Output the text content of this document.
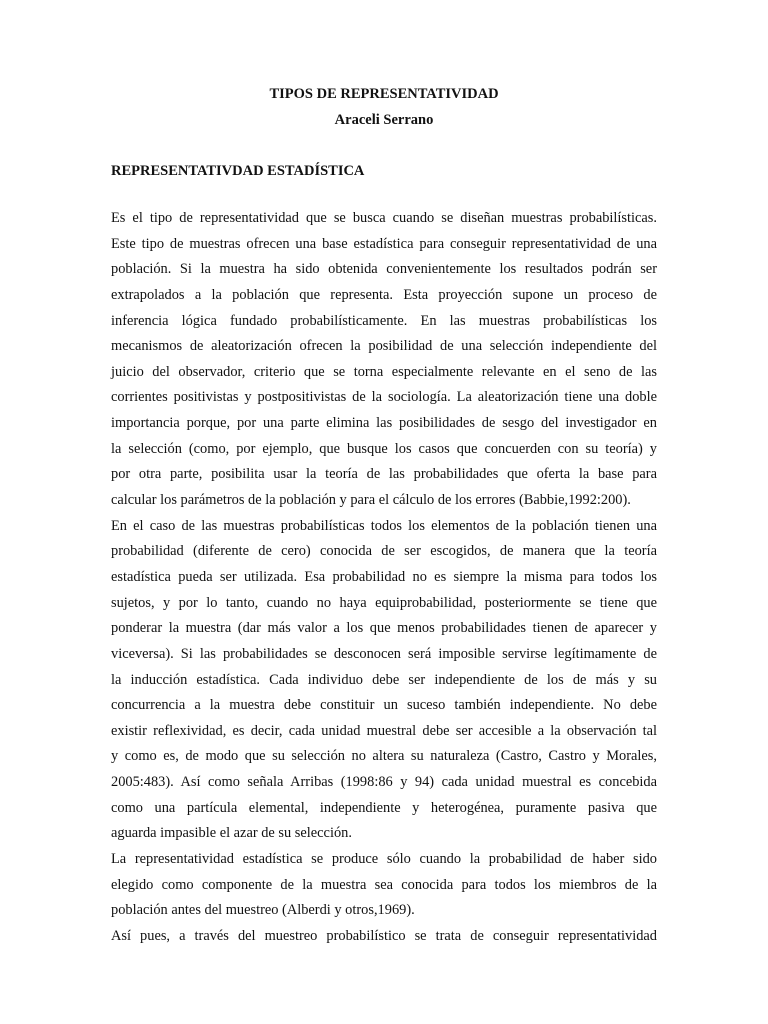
TIPOS DE REPRESENTATIVIDAD

Araceli Serrano

REPRESENTATIVDAD ESTADÍSTICA

Es el tipo de representatividad que se busca cuando se diseñan muestras probabilísticas.
Este tipo de muestras ofrecen una base estadística para conseguir representatividad de una
población. Si la muestra ha sido obtenida convenientemente los resultados podrán ser
extrapolados a la población que representa. Esta proyección supone un proceso de
inferencia lógica fundado probabilísticamente. En las muestras probabilísticas los
mecanismos de aleatorización ofrecen la posibilidad de una selección independiente del
juicio del observador, criterio que se torna especialmente relevante en el seno de las
corrientes positivistas y postpositivistas de la sociología. La aleatorización tiene una doble
importancia porque, por una parte elimina las posibilidades de sesgo del investigador en
la selección (como, por ejemplo, que busque los casos que concuerden con su teoría) y
por otra parte, posibilita usar la teoría de las probabilidades que oferta la base para
calcular los parámetros de la población y para el cálculo de los errores (Babbie,1992:200).
En el caso de las muestras probabilísticas todos los elementos de la población tienen una
probabilidad (diferente de cero) conocida de ser escogidos, de manera que la teoría
estadística pueda ser utilizada. Esa probabilidad no es siempre la misma para todos los
sujetos, y por lo tanto, cuando no haya equiprobabilidad, posteriormente se tiene que
ponderar la muestra (dar más valor a los que menos probabilidades tienen de aparecer y
viceversa). Si las probabilidades se desconocen será imposible servirse legítimamente de
la inducción estadística. Cada individuo debe ser independiente de los de más y su
concurrencia a la muestra debe constituir un suceso también independiente. No debe
existir reflexividad, es decir, cada unidad muestral debe ser accesible a la observación tal
y como es, de modo que su selección no altera su naturaleza (Castro, Castro y Morales,
2005:483). Así como señala Arribas (1998:86 y 94) cada unidad muestral es concebida
como una partícula elemental, independiente y heterogénea, puramente pasiva que
aguarda impasible el azar de su selección.
La representatividad estadística se produce sólo cuando la probabilidad de haber sido
elegido como componente de la muestra sea conocida para todos los miembros de la
población antes del muestreo (Alberdi y otros,1969).
Así pues, a través del muestreo probabilístico se trata de conseguir representatividad
